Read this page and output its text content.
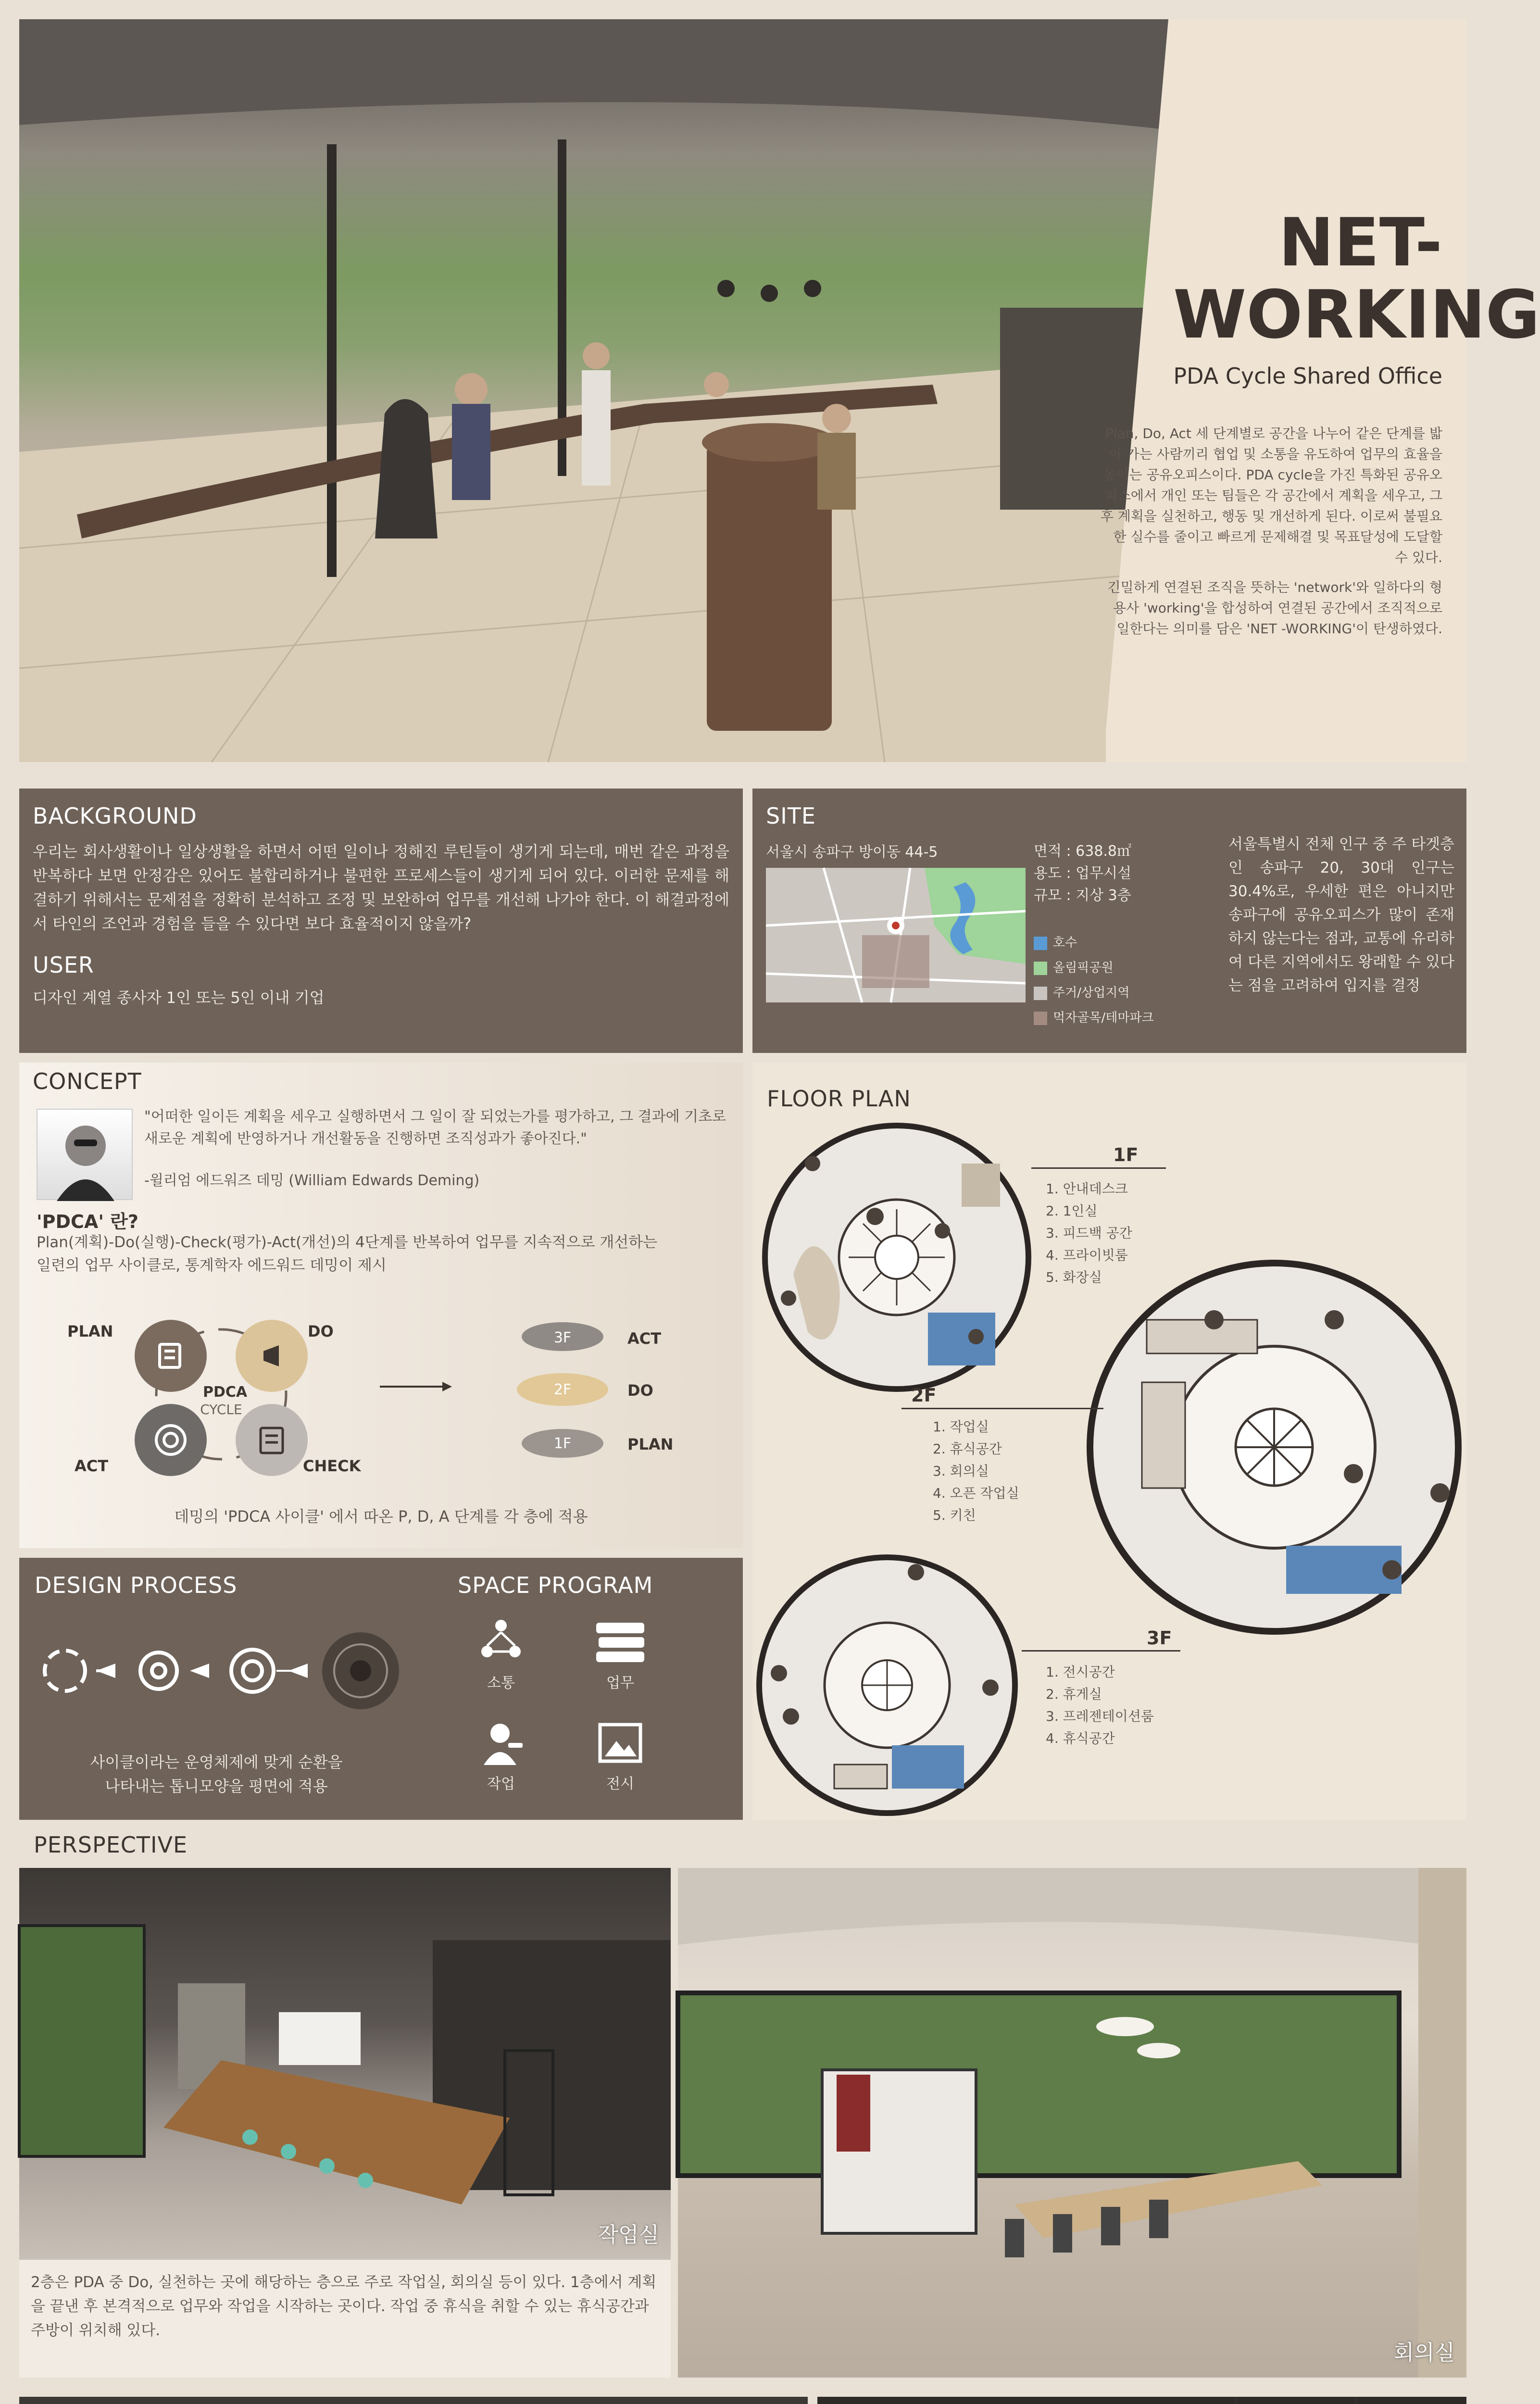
NET-
WORKING
PDA Cycle Shared Office
Plan, Do, Act 세 단계별로 공간을 나누어 같은 단계를 밟아 가는 사람끼리 협업 및 소통을 유도하여 업무의 효율을 높이는 공유오피스이다. PDA cycle을 가진 특화된 공유오피스에서 개인 또는 팀들은 각 공간에서 계획을 세우고, 그 후 계획을 실천하고, 행동 및 개선하게 된다. 이로써 불필요한 실수를 줄이고 빠르게 문제해결 및 목표달성에 도달할 수 있다.
긴밀하게 연결된 조직을 뜻하는 'network'와 일하다의 형용사 'working'을 합성하여 연결된 공간에서 조직적으로 일한다는 의미를 담은 'NET -WORKING'이 탄생하였다.
BACKGROUND
우리는 회사생활이나 일상생활을 하면서 어떤 일이나 정해진 루틴들이 생기게 되는데, 매번 같은 과정을 반복하다 보면 안정감은 있어도 불합리하거나 불편한 프로세스들이 생기게 되어 있다. 이러한 문제를 해결하기 위해서는 문제점을 정확히 분석하고 조정 및 보완하여 업무를 개선해 나가야 한다. 이 해결과정에서 타인의 조언과 경험을 들을 수 있다면 보다 효율적이지 않을까?
USER
디자인 계열 종사자 1인 또는 5인 이내 기업
SITE
서울시 송파구 방이동 44-5	면적 : 638.8㎡
용도 : 업무시설
규모 : 지상 3층
호수
올림픽공원
주거/상업지역
먹자골목/테마파크
서울특별시 전체 인구 중 주 타겟층인 송파구 20, 30대 인구는 30.4%로, 우세한 편은 아니지만 송파구에 공유오피스가 많이 존재하지 않는다는 점과, 교통에 유리하여 다른 지역에서도 왕래할 수 있다는 점을 고려하여 입지를 결정
CONCEPT
"어떠한 일이든 계획을 세우고 실행하면서 그 일이 잘 되었는가를 평가하고, 그 결과에 기초로 새로운 계획에 반영하거나 개선활동을 진행하면 조직성과가 좋아진다."
-윌리엄 에드워즈 데밍 (William Edwards Deming)
'PDCA' 란?
Plan(계획)-Do(실행)-Check(평가)-Act(개선)의 4단계를 반복하여 업무를 지속적으로 개선하는 일련의 업무 사이클로, 통계학자 에드워드 데밍이 제시
PDCA
CYCLE
PLAN	DO
CHECK
ACT
3F
2F
1F
ACT
DO
PLAN
데밍의 'PDCA 사이클' 에서 따온 P, D, A 단계를 각 층에 적용
DESIGN PROCESS
사이클이라는 운영체제에 맞게 순환을
나타내는 톱니모양을 평면에 적용
SPACE PROGRAM
소통	업무
작업	전시
FLOOR PLAN
1F
1. 안내데스크
2. 1인실
3. 피드백 공간
4. 프라이빗룸
5. 화장실
2F
1. 작업실
2. 휴식공간
3. 회의실
4. 오픈 작업실
5. 키친
3F
1. 전시공간
2. 휴게실
3. 프레젠테이션룸
4. 휴식공간
PERSPECTIVE
작업실
2층은 PDA 중 Do, 실천하는 곳에 해당하는 층으로 주로 작업실, 회의실 등이 있다. 1층에서 계획을 끝낸 후 본격적으로 업무와 작업을 시작하는 곳이다. 작업 중 휴식을 취할 수 있는 휴식공간과 주방이 위치해 있다.
회의실
